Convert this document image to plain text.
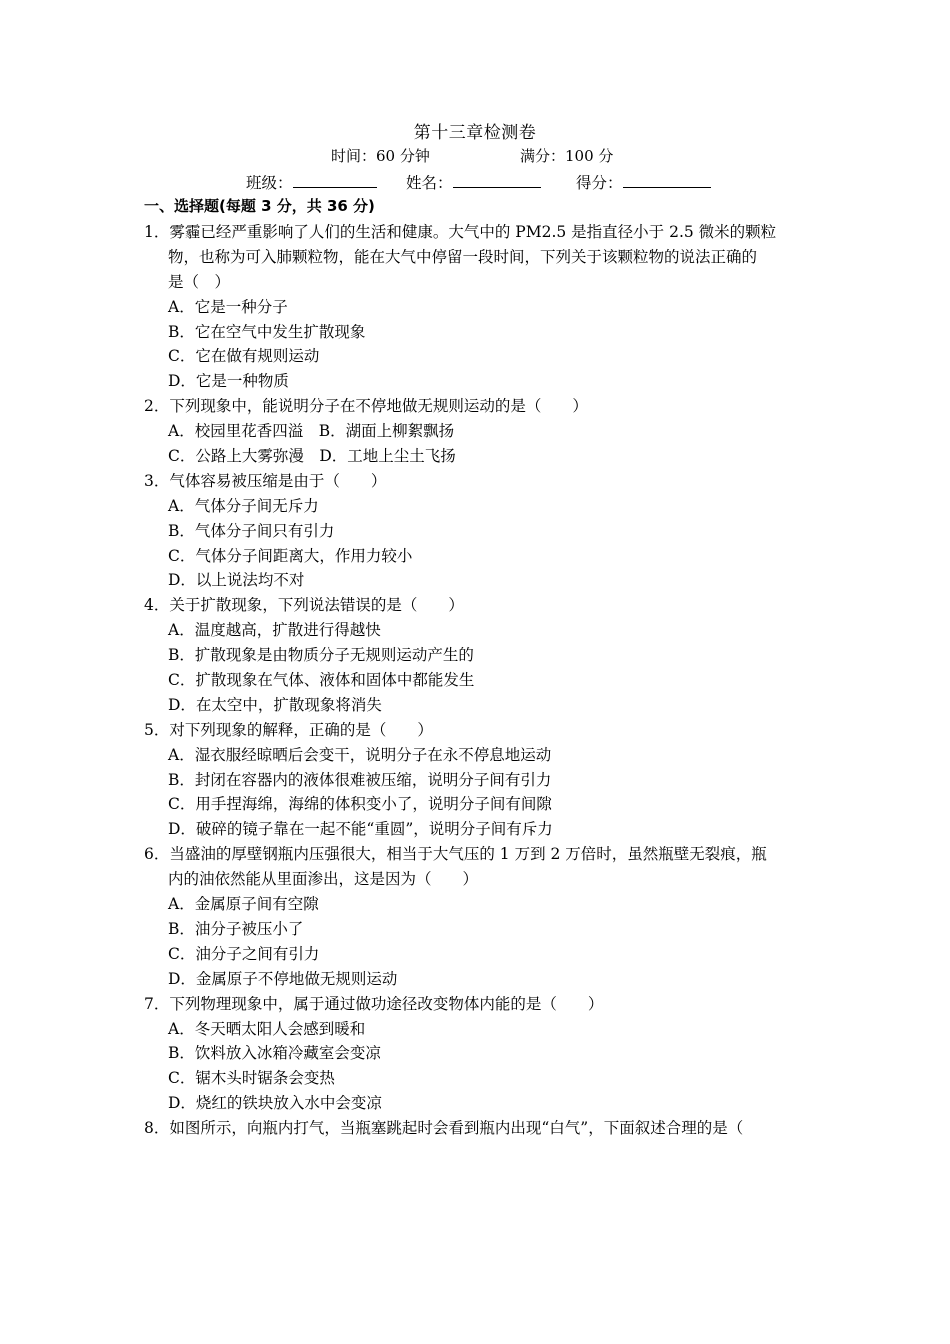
第十三章检测卷
时间：60 分钟	满分：100 分
班级：	姓名：	得分：
一、选择题(每题 3 分，共 36 分)
1．雾霾已经严重影响了人们的生活和健康。大气中的 PM2.5 是指直径小于 2.5 微米的颗粒
物，也称为可入肺颗粒物，能在大气中停留一段时间，下列关于该颗粒物的说法正确的
是（　）
A．它是一种分子
B．它在空气中发生扩散现象
C．它在做有规则运动
D．它是一种物质
2．下列现象中，能说明分子在不停地做无规则运动的是（　　）
A．校园里花香四溢　B．湖面上柳絮飘扬
C．公路上大雾弥漫　D．工地上尘土飞扬
3．气体容易被压缩是由于（　　）
A．气体分子间无斥力
B．气体分子间只有引力
C．气体分子间距离大，作用力较小
D．以上说法均不对
4．关于扩散现象，下列说法错误的是（　　）
A．温度越高，扩散进行得越快
B．扩散现象是由物质分子无规则运动产生的
C．扩散现象在气体、液体和固体中都能发生
D．在太空中，扩散现象将消失
5．对下列现象的解释，正确的是（　　）
A．湿衣服经晾晒后会变干，说明分子在永不停息地运动
B．封闭在容器内的液体很难被压缩，说明分子间有引力
C．用手捏海绵，海绵的体积变小了，说明分子间有间隙
D．破碎的镜子靠在一起不能“重圆”，说明分子间有斥力
6．当盛油的厚壁钢瓶内压强很大，相当于大气压的 1 万到 2 万倍时，虽然瓶壁无裂痕，瓶
内的油依然能从里面渗出，这是因为（　　）
A．金属原子间有空隙
B．油分子被压小了
C．油分子之间有引力
D．金属原子不停地做无规则运动
7．下列物理现象中，属于通过做功途径改变物体内能的是（　　）
A．冬天晒太阳人会感到暖和
B．饮料放入冰箱冷藏室会变凉
C．锯木头时锯条会变热
D．烧红的铁块放入水中会变凉
8．如图所示，向瓶内打气，当瓶塞跳起时会看到瓶内出现“白气”，下面叙述合理的是（
